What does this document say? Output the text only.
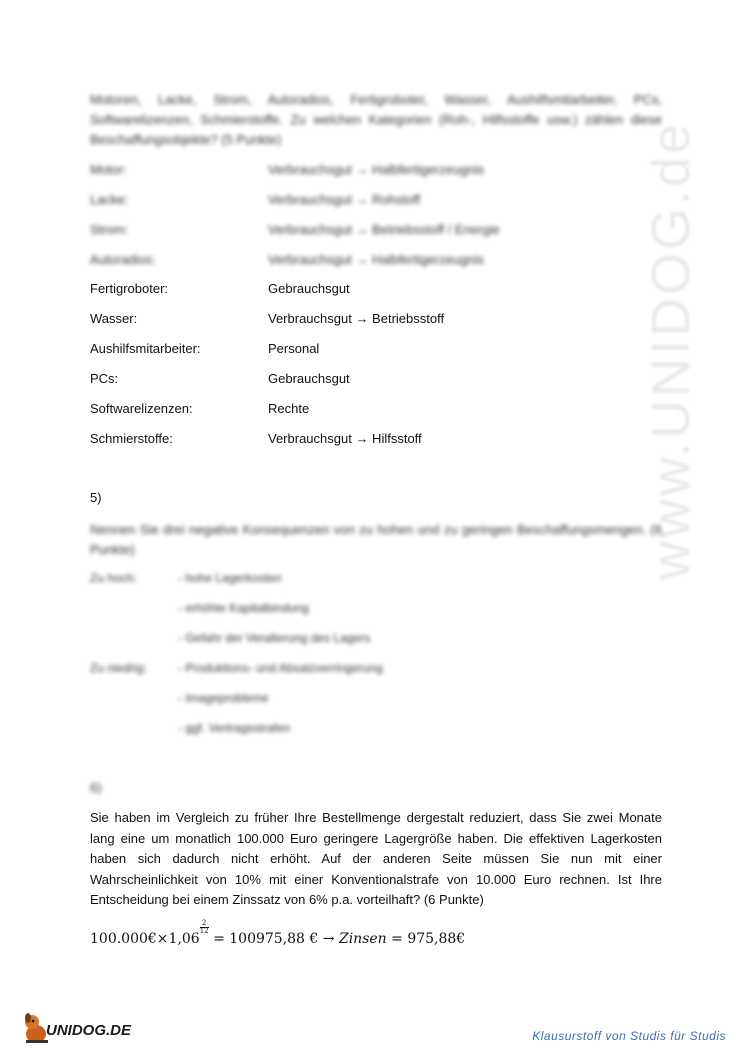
www.UNIDOG.de
Motoren, Lacke, Strom, Autoradios, Fertigroboter, Wasser, Aushilfsmitarbeiter, PCs, Softwarelizenzen, Schmierstoffe. Zu welchen Kategorien (Roh-, Hilfsstoffe usw.) zählen diese Beschaffungsobjekte? (5 Punkte)
Motor:	Verbrauchsgut → Halbfertigerzeugnis
Lacke:	Verbrauchsgut → Rohstoff
Strom:	Verbrauchsgut → Betriebsstoff / Energie
Autoradios:	Verbrauchsgut → Halbfertigerzeugnis
Fertigroboter:	Gebrauchsgut
Wasser:	Verbrauchsgut → Betriebsstoff
Aushilfsmitarbeiter:	Personal
PCs:	Gebrauchsgut
Softwarelizenzen:	Rechte
Schmierstoffe:	Verbrauchsgut → Hilfsstoff
5)
Nennen Sie drei negative Konsequenzen von zu hohen und zu geringen Beschaffungsmengen. (6 Punkte)
Zu hoch:	- hohe Lagerkosten
- erhöhte Kapitalbindung
- Gefahr der Veralterung des Lagers
Zu niedrig:	- Produktions- und Absatzverringerung
- Imageprobleme
- ggf. Vertragsstrafen
6)
Sie haben im Vergleich zu früher Ihre Bestellmenge dergestalt reduziert, dass Sie zwei Monate lang eine um monatlich 100.000 Euro geringere Lagergröße haben. Die effektiven Lagerkosten haben sich dadurch nicht erhöht. Auf der anderen Seite müssen Sie nun mit einer Wahrscheinlichkeit von 10% mit einer Konventionalstrafe von 10.000 Euro rechnen. Ist Ihre Entscheidung bei einem Zinssatz von 6% p.a. vorteilhaft? (6 Punkte)
100.000€×1,06
$\frac{2}{12}$
= 100975,88 € → Zinsen = 975,88€
UNIDOG.DE	Klausurstoff von Studis für Studis
